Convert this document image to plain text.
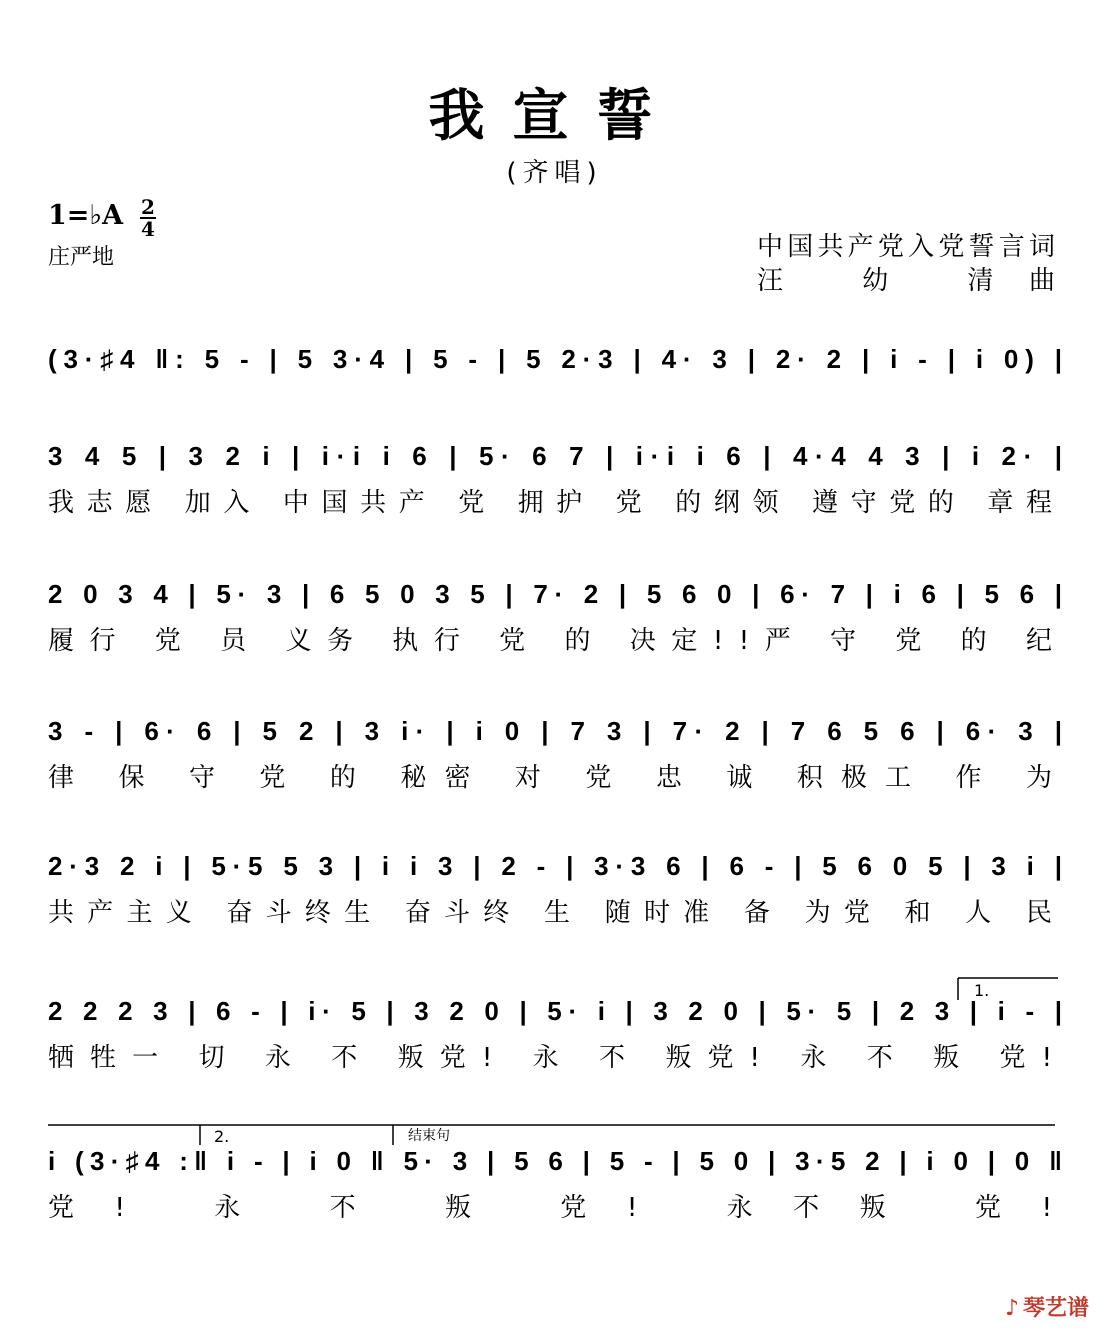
我宣誓
(齐唱)
1=♭A 2
4
庄严地	中国共产党入党誓言词
汪 幼 清曲
(3·♯4 ‖: 5 - | 5 3·4 | 5 - | 5 2·3 | 4· 3 | 2· 2 | i - | i 0) |
3 4 5 | 3 2 i | i·i i 6 | 5· 6 7 | i·i i 6 | 4·4 4 3 | i 2· |
我志愿 加入 中国共产 党 拥护 党 的纲领 遵守党的 章程
2 0 3 4 | 5· 3 | 6 5 0 3 5 | 7· 2 | 5 6 0 | 6· 7 | i 6 | 5 6 |
履行 党 员 义务 执行 党 的 决定!!严 守 党 的 纪
3 - | 6· 6 | 5 2 | 3 i· | i 0 | 7 3 | 7· 2 | 7 6 5 6 | 6· 3 |
律 保 守 党 的 秘密 对 党 忠 诚 积极工 作 为
2·3 2 i | 5·5 5 3 | i i 3 | 2 - | 3·3 6 | 6 - | 5 6 0 5 | 3 i |
共产主义 奋斗终生 奋斗终 生 随时准 备 为党 和 人 民
2 2 2 3 | 6 - | i· 5 | 3 2 0 | 5· i | 3 2 0 | 5· 5 | 2 3 | i - |
牺牲一 切 永 不 叛党! 永 不 叛党! 永 不 叛 党!
i (3·♯4 :‖ i - | i 0 ‖ 5· 3 | 5 6 | 5 - | 5 0 | 3·5 2 | i 0 | 0 ‖
党! 永 不 叛 党! 永不叛 党!
1.
2.	结束句
♪ 琴艺谱
